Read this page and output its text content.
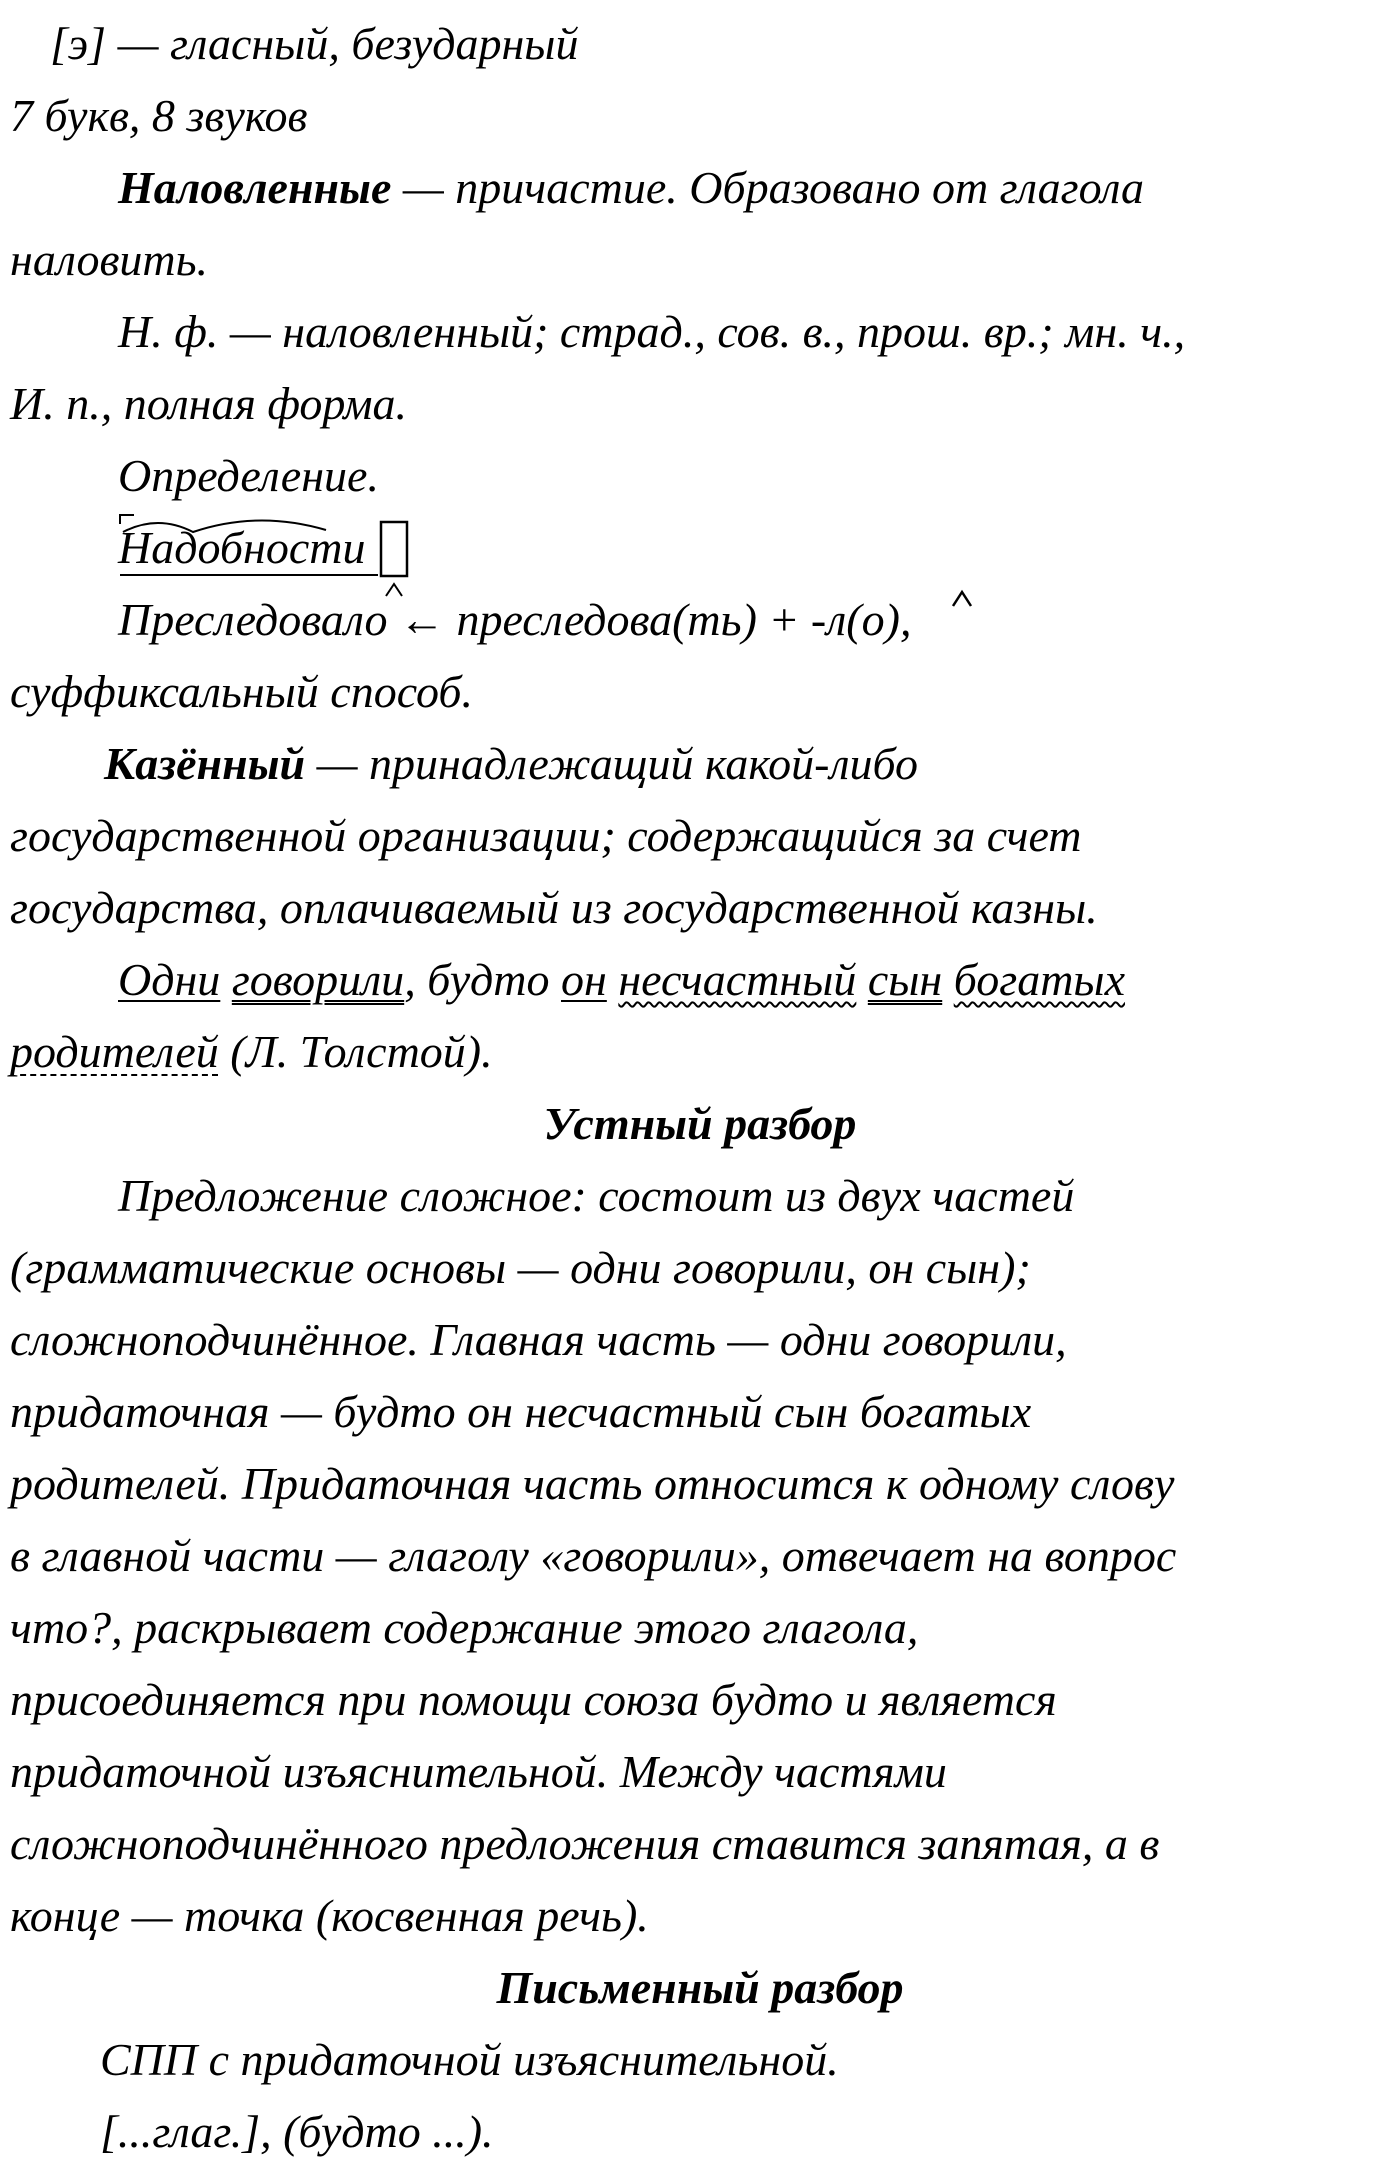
[э] — гласный, безударный
7 букв, 8 звуков
Наловленные — причастие. Образовано от глагола
наловить.
Н. ф. — наловленный; страд., сов. в., прош. вр.; мн. ч.,
И. п., полная форма.
Определение.
Надобности
Преследовало ← преследова(ть) + -л(о),
суффиксальный способ.
Казённый — принадлежащий какой-либо
государственной организации; содержащийся за счет
государства, оплачиваемый из государственной казны.
Одни говорили, будто он несчастный сын богатых
родителей (Л. Толстой).
Устный разбор
Предложение сложное: состоит из двух частей
(грамматические основы — одни говорили, он сын);
сложноподчинённое. Главная часть — одни говорили,
придаточная — будто он несчастный сын богатых
родителей. Придаточная часть относится к одному слову
в главной части — глаголу «говорили», отвечает на вопрос
что?, раскрывает содержание этого глагола,
присоединяется при помощи союза будто и является
придаточной изъяснительной. Между частями
сложноподчинённого предложения ставится запятая, а в
конце — точка (косвенная речь).
Письменный разбор
СПП с придаточной изъяснительной.
[...глаг.], (будто ...).
